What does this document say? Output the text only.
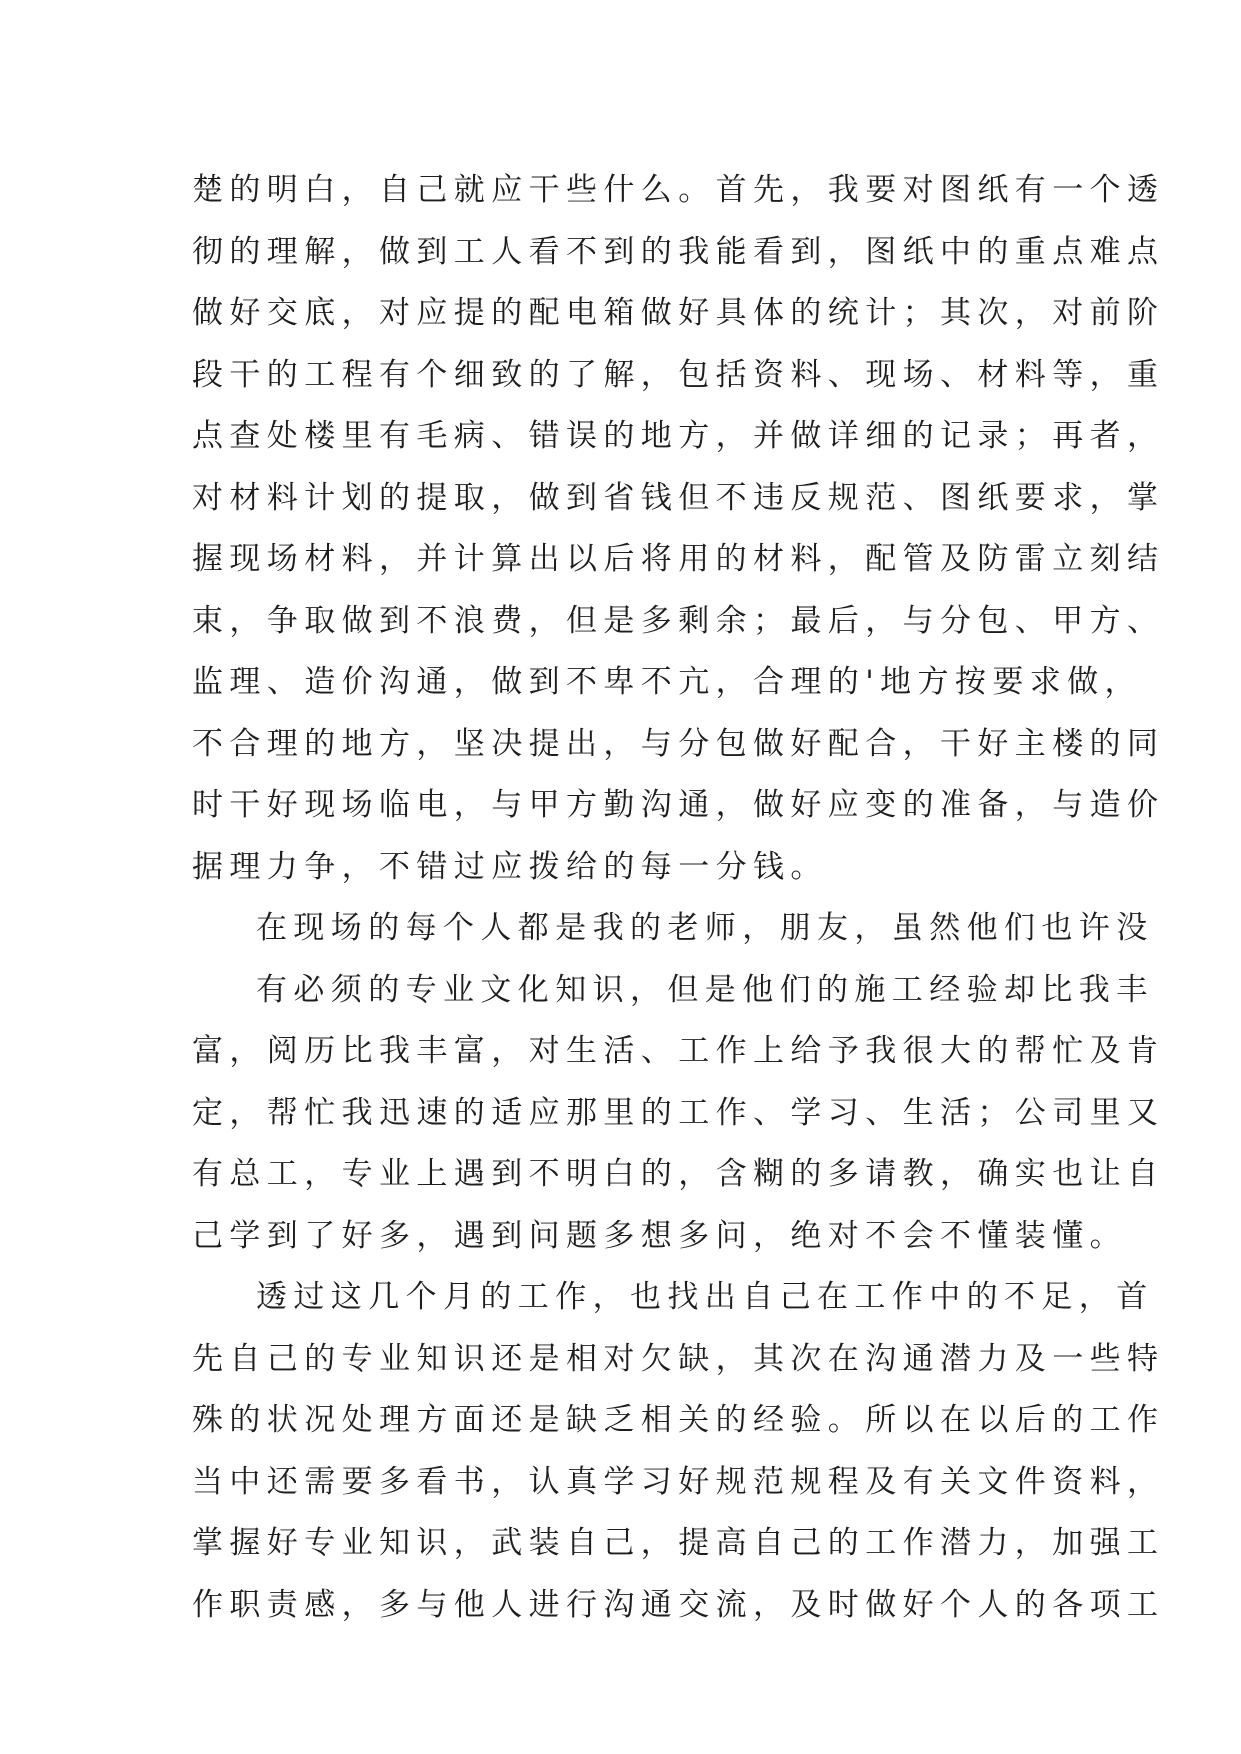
楚的明白，自己就应干些什么。首先，我要对图纸有一个透
彻的理解，做到工人看不到的我能看到，图纸中的重点难点
做好交底，对应提的配电箱做好具体的统计；其次，对前阶
段干的工程有个细致的了解，包括资料、现场、材料等，重
点查处楼里有毛病、错误的地方，并做详细的记录；再者，
对材料计划的提取，做到省钱但不违反规范、图纸要求，掌
握现场材料，并计算出以后将用的材料，配管及防雷立刻结
束，争取做到不浪费，但是多剩余；最后，与分包、甲方、
监理、造价沟通，做到不卑不亢，合理的'地方按要求做，
不合理的地方，坚决提出，与分包做好配合，干好主楼的同
时干好现场临电，与甲方勤沟通，做好应变的准备，与造价
据理力争，不错过应拨给的每一分钱。
在现场的每个人都是我的老师，朋友，虽然他们也许没
有必须的专业文化知识，但是他们的施工经验却比我丰
富，阅历比我丰富，对生活、工作上给予我很大的帮忙及肯
定，帮忙我迅速的适应那里的工作、学习、生活；公司里又
有总工，专业上遇到不明白的，含糊的多请教，确实也让自
己学到了好多，遇到问题多想多问，绝对不会不懂装懂。
透过这几个月的工作，也找出自己在工作中的不足，首
先自己的专业知识还是相对欠缺，其次在沟通潜力及一些特
殊的状况处理方面还是缺乏相关的经验。所以在以后的工作
当中还需要多看书，认真学习好规范规程及有关文件资料，
掌握好专业知识，武装自己，提高自己的工作潜力，加强工
作职责感，多与他人进行沟通交流，及时做好个人的各项工
